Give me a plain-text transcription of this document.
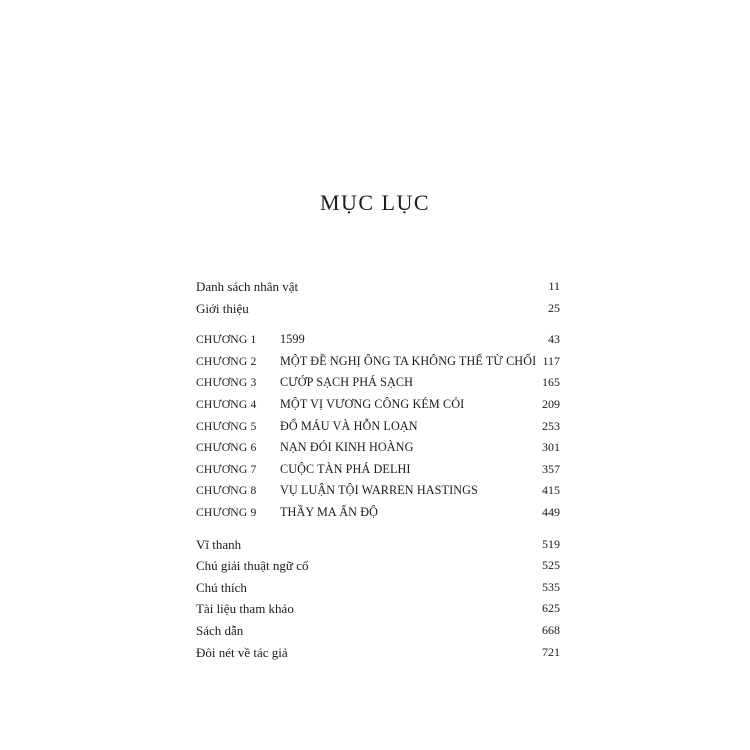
MỤC LỤC
Danh sách nhân vật	11
Giới thiệu	25
CHƯƠNG 1 1599	43
CHƯƠNG 2 MỘT ĐỀ NGHỊ ÔNG TA KHÔNG THỂ TỪ CHỐI 117
CHƯƠNG 3 CƯỚP SẠCH PHÁ SẠCH	165
CHƯƠNG 4 MỘT VỊ VƯƠNG CÔNG KÉM CỎI	209
CHƯƠNG 5 ĐỔ MÁU VÀ HỖN LOẠN	253
CHƯƠNG 6 NẠN ĐÓI KINH HOÀNG	301
CHƯƠNG 7 CUỘC TÀN PHÁ DELHI	357
CHƯƠNG 8 VỤ LUẬN TỘI WARREN HASTINGS	415
CHƯƠNG 9 THẦY MA ẤN ĐỘ	449
Vĩ thanh	519
Chú giải thuật ngữ cổ	525
Chú thích	535
Tài liệu tham khảo	625
Sách dẫn	668
Đôi nét về tác giả	721
